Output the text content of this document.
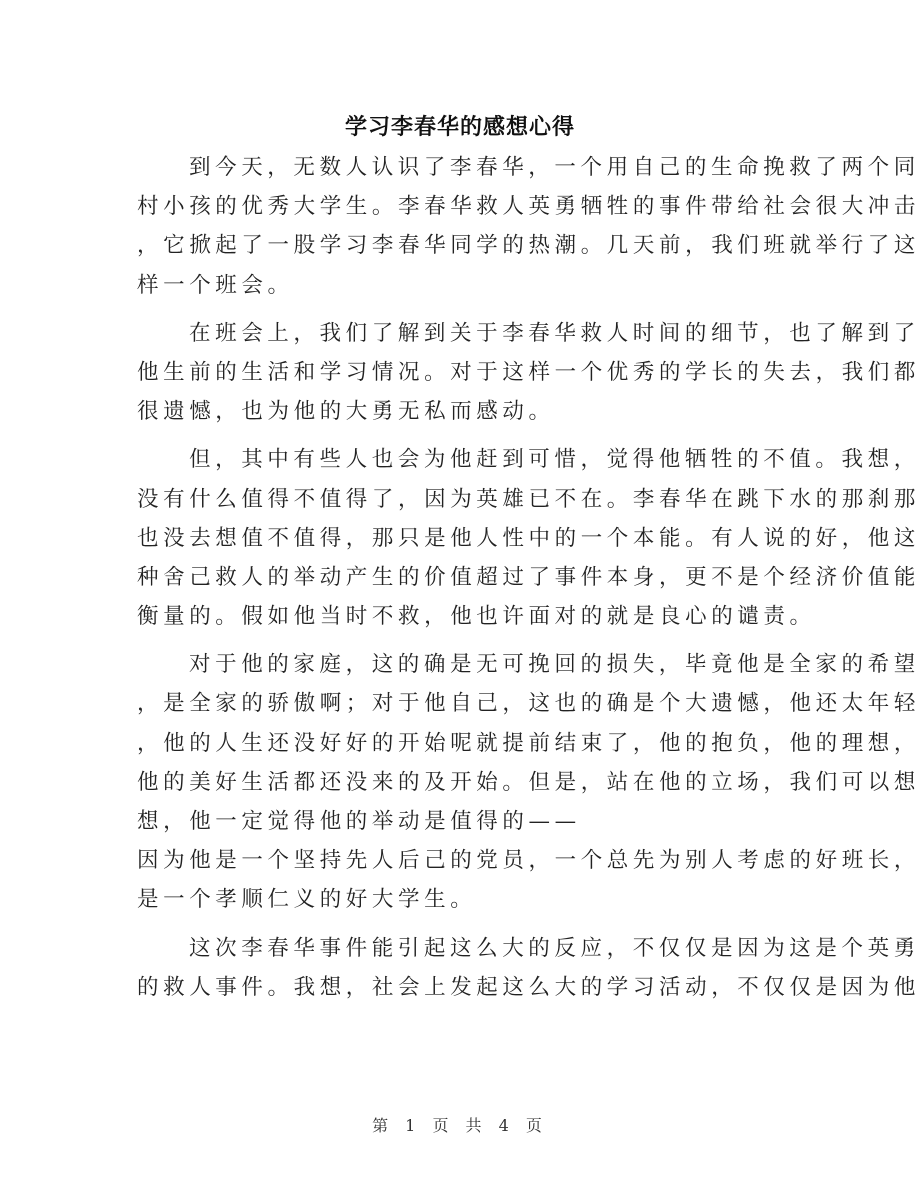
学习李春华的感想心得
到今天，无数人认识了李春华，一个用自己的生命挽救了两个同
村小孩的优秀大学生。李春华救人英勇牺牲的事件带给社会很大冲击
，它掀起了一股学习李春华同学的热潮。几天前，我们班就举行了这
样一个班会。
在班会上，我们了解到关于李春华救人时间的细节，也了解到了
他生前的生活和学习情况。对于这样一个优秀的学长的失去，我们都
很遗憾，也为他的大勇无私而感动。
但，其中有些人也会为他赶到可惜，觉得他牺牲的不值。我想，
没有什么值得不值得了，因为英雄已不在。李春华在跳下水的那刹那
也没去想值不值得，那只是他人性中的一个本能。有人说的好，他这
种舍己救人的举动产生的价值超过了事件本身，更不是个经济价值能
衡量的。假如他当时不救，他也许面对的就是良心的谴责。
对于他的家庭，这的确是无可挽回的损失，毕竟他是全家的希望
，是全家的骄傲啊；对于他自己，这也的确是个大遗憾，他还太年轻
，他的人生还没好好的开始呢就提前结束了，他的抱负，他的理想，
他的美好生活都还没来的及开始。但是，站在他的立场，我们可以想
想，他一定觉得他的举动是值得的——
因为他是一个坚持先人后己的党员，一个总先为别人考虑的好班长，
是一个孝顺仁义的好大学生。
这次李春华事件能引起这么大的反应，不仅仅是因为这是个英勇
的救人事件。我想，社会上发起这么大的学习活动，不仅仅是因为他
第 1 页 共 4 页
